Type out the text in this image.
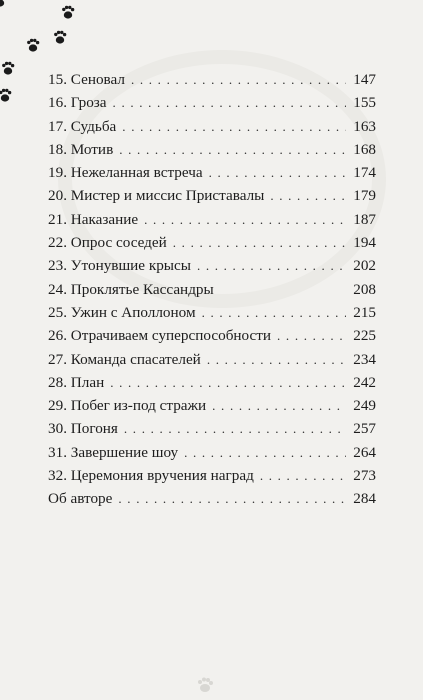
15. Сеновал . . .	147
16. Гроза . . .	155
17. Судьба . . .	163
18. Мотив . . .	168
19. Нежеланная встреча . . .	174
20. Мистер и миссис Приставалы . . .	179
21. Наказание . . .	187
22. Опрос соседей . . .	194
23. Утонувшие крысы . . .	202
24. Проклятье Кассандры	208
25. Ужин с Аполлоном . . .	215
26. Отрачиваем суперспособности . . .	225
27. Команда спасателей . . .	234
28. План . . .	242
29. Побег из-под стражи . . .	249
30. Погоня . . .	257
31. Завершение шоу . . .	264
32. Церемония вручения наград . . .	273
Об авторе . . .	284
